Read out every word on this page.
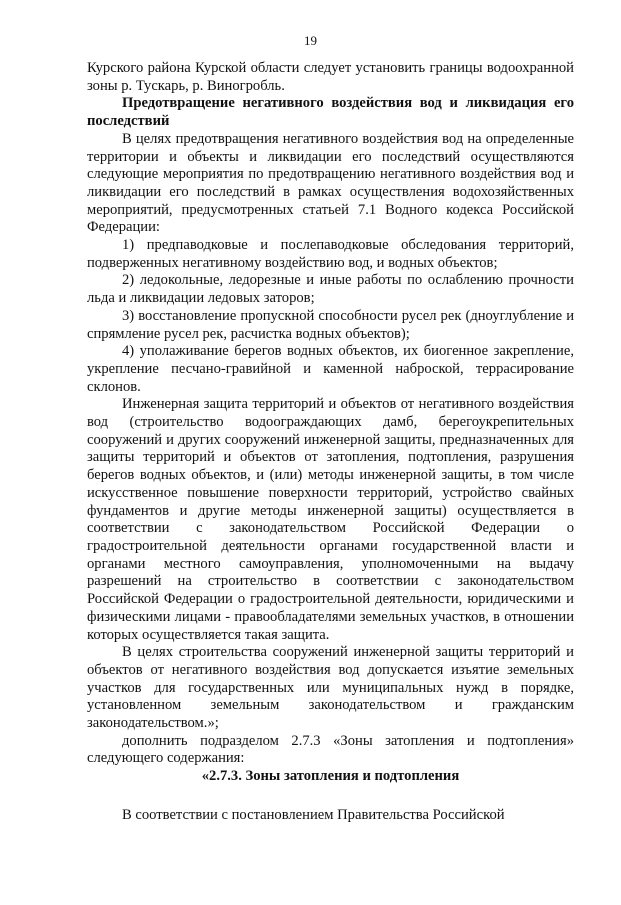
19

Курского района Курской области следует установить границы водоохранной зоны р. Тускарь, р. Виногробль.

Предотвращение негативного воздействия вод и ликвидация его последствий

В целях предотвращения негативного воздействия вод на определенные территории и объекты и ликвидации его последствий осуществляются следующие мероприятия по предотвращению негативного воздействия вод и ликвидации его последствий в рамках осуществления водохозяйственных мероприятий, предусмотренных статьей 7.1 Водного кодекса Российской Федерации:

1) предпаводковые и послепаводковые обследования территорий, подверженных негативному воздействию вод, и водных объектов;

2) ледокольные, ледорезные и иные работы по ослаблению прочности льда и ликвидации ледовых заторов;

3) восстановление пропускной способности русел рек (дноуглубление и спрямление русел рек, расчистка водных объектов);

4) уполаживание берегов водных объектов, их биогенное закрепление, укрепление песчано-гравийной и каменной наброской, террасирование склонов.

Инженерная защита территорий и объектов от негативного воздействия вод (строительство водоограждающих дамб, берегоукрепительных сооружений и других сооружений инженерной защиты, предназначенных для защиты территорий и объектов от затопления, подтопления, разрушения берегов водных объектов, и (или) методы инженерной защиты, в том числе искусственное повышение поверхности территорий, устройство свайных фундаментов и другие методы инженерной защиты) осуществляется в соответствии с законодательством Российской Федерации о градостроительной деятельности органами государственной власти и органами местного самоуправления, уполномоченными на выдачу разрешений на строительство в соответствии с законодательством Российской Федерации о градостроительной деятельности, юридическими и физическими лицами - правообладателями земельных участков, в отношении которых осуществляется такая защита.

В целях строительства сооружений инженерной защиты территорий и объектов от негативного воздействия вод допускается изъятие земельных участков для государственных или муниципальных нужд в порядке, установленном земельным законодательством и гражданским законодательством.»;

дополнить подразделом 2.7.3 «Зоны затопления и подтопления» следующего содержания:

«2.7.3. Зоны затопления и подтопления

В соответствии с постановлением Правительства Российской
